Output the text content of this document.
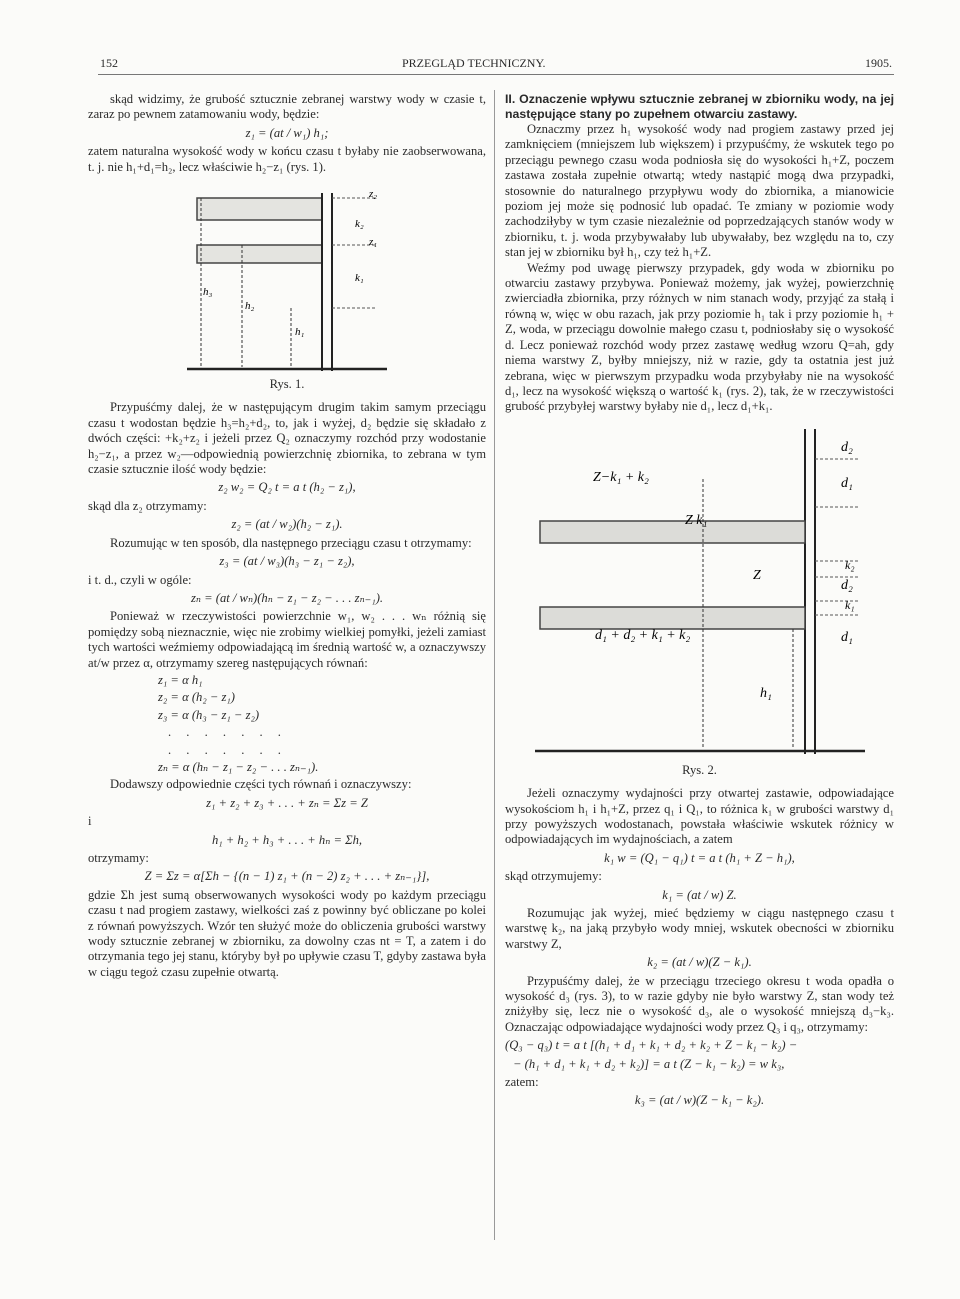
152	PRZEGLĄD TECHNICZNY.	1905.

skąd widzimy, że grubość sztucznie zebranej warstwy wody w czasie t, zaraz po pewnem zatamowaniu wody, będzie:

z₁ = (at / w₁) h₁;

zatem naturalna wysokość wody w końcu czasu t byłaby nie zaobserwowana, t. j. nie h₁+d₁=h₂, lecz właściwie h₂−z₁ (rys. 1).

z₂
k₂
z₁
k₁
h₃
h₂
h₁

Rys. 1.

Przypuśćmy dalej, że w następującym drugim takim samym przeciągu czasu t wodostan będzie h₃=h₂+d₂, to, jak i wyżej, d₂ będzie się składało z dwóch części: +k₂+z₂ i jeżeli przez Q₂ oznaczymy rozchód przy wodostanie h₂−z₁, a przez w₂—odpowiednią powierzchnię zbiornika, to zebrana w tym czasie sztucznie ilość wody będzie:

z₂ w₂ = Q₂ t = a t (h₂ − z₁),

skąd dla z₂ otrzymamy:

z₂ = (at / w₂)(h₂ − z₁).

Rozumując w ten sposób, dla następnego przeciągu czasu t otrzymamy:

z₃ = (at / w₃)(h₃ − z₁ − z₂),

i t. d., czyli w ogóle:

zₙ = (at / wₙ)(hₙ − z₁ − z₂ − . . . zₙ₋₁).

Ponieważ w rzeczywistości powierzchnie w₁, w₂ . . . wₙ różnią się pomiędzy sobą nieznacznie, więc nie zrobimy wielkiej pomyłki, jeżeli zamiast tych wartości weźmiemy odpowiadającą im średnią wartość w, a oznaczywszy at/w przez α, otrzymamy szereg następujących równań:

z₁ = α h₁

z₂ = α (h₂ − z₁)

z₃ = α (h₃ − z₁ − z₂)

. . . . . . .

. . . . . . .

zₙ = α (hₙ − z₁ − z₂ − . . . zₙ₋₁).

Dodawszy odpowiednie części tych równań i oznaczywszy:

z₁ + z₂ + z₃ + . . . + zₙ = Σz = Z

i

h₁ + h₂ + h₃ + . . . + hₙ = Σh,

otrzymamy:

Z = Σz = α[Σh − {(n − 1) z₁ + (n − 2) z₂ + . . . + zₙ₋₁}],

gdzie Σh jest sumą obserwowanych wysokości wody po każdym przeciągu czasu t nad progiem zastawy, wielkości zaś z powinny być obliczane po kolei z równań powyższych. Wzór ten służyć może do obliczenia grubości warstwy wody sztucznie zebranej w zbiorniku, za dowolny czas nt = T, a zatem i do otrzymania tego jej stanu, któryby był po upływie czasu T, gdyby zastawa była w ciągu tegoż czasu zupełnie otwartą.

II. Oznaczenie wpływu sztucznie zebranej w zbiorniku wody, na jej następujące stany po zupełnem otwarciu zastawy.

Oznaczmy przez h₁ wysokość wody nad progiem zastawy przed jej zamknięciem (mniejszem lub większem) i przypuśćmy, że wskutek tego po przeciągu pewnego czasu woda podniosła się do wysokości h₁+Z, poczem zastawa została zupełnie otwartą; wtedy nastąpić mogą dwa przypadki, stosownie do naturalnego przypływu wody do zbiornika, a mianowicie poziom jej może się podnosić lub opadać. Te zmiany w poziomie wody zachodziłyby w tym czasie niezależnie od poprzedzających stanów wody w zbiorniku, t. j. woda przybywałaby lub ubywałaby, bez względu na to, czy stan jej w zbiorniku był h₁, czy też h₁+Z.

Weźmy pod uwagę pierwszy przypadek, gdy woda w zbiorniku po otwarciu zastawy przybywa. Ponieważ możemy, jak wyżej, powierzchnię zwierciadła zbiornika, przy różnych w nim stanach wody, przyjąć za stałą i równą w, więc w obu razach, jak przy poziomie h₁ tak i przy poziomie h₁ + Z, woda, w przeciągu dowolnie małego czasu t, podniosłaby się o wysokość d. Lecz ponieważ rozchód wody przez zastawę według wzoru Q=ah, gdy niema warstwy Z, byłby mniejszy, niż w razie, gdy ta ostatnia jest już zebrana, więc w pierwszym przypadku woda przybyłaby nie na wysokość d₁, lecz na wysokość większą o wartość k₁ (rys. 2), tak, że w rzeczywistości grubość przybyłej warstwy byłaby nie d₁, lecz d₁+k₁.

d₂
Z−k₁ + k₂	d₁
Z k₁
k₂
Z
d₂
k₁
d₁ + d₂ + k₁ + k₂	d₁
h₁

Rys. 2.

Jeżeli oznaczymy wydajności przy otwartej zastawie, odpowiadające wysokościom h₁ i h₁+Z, przez q₁ i Q₁, to różnica k₁ w grubości warstwy d₁ przy powyższych wodostanach, powstała właściwie wskutek różnicy w odpowiadających im wydajnościach, a zatem

k₁ w = (Q₁ − q₁) t = a t (h₁ + Z − h₁),

skąd otrzymujemy:

k₁ = (at / w) Z.

Rozumując jak wyżej, mieć będziemy w ciągu następnego czasu t warstwę k₂, na jaką przybyło wody mniej, wskutek obecności w zbiorniku warstwy Z,

k₂ = (at / w)(Z − k₁).

Przypuśćmy dalej, że w przeciągu trzeciego okresu t woda opadła o wysokość d₃ (rys. 3), to w razie gdyby nie było warstwy Z, stan wody też zniżyłby się, lecz nie o wysokość d₃, ale o wysokość mniejszą d₃−k₃. Oznaczając odpowiadające wydajności wody przez Q₃ i q₃, otrzymamy:

(Q₃ − q₃) t = a t [(h₁ + d₁ + k₁ + d₂ + k₂ + Z − k₁ − k₂) −

− (h₁ + d₁ + k₁ + d₂ + k₂)] = a t (Z − k₁ − k₂) = w k₃,

zatem:

k₃ = (at / w)(Z − k₁ − k₂).
